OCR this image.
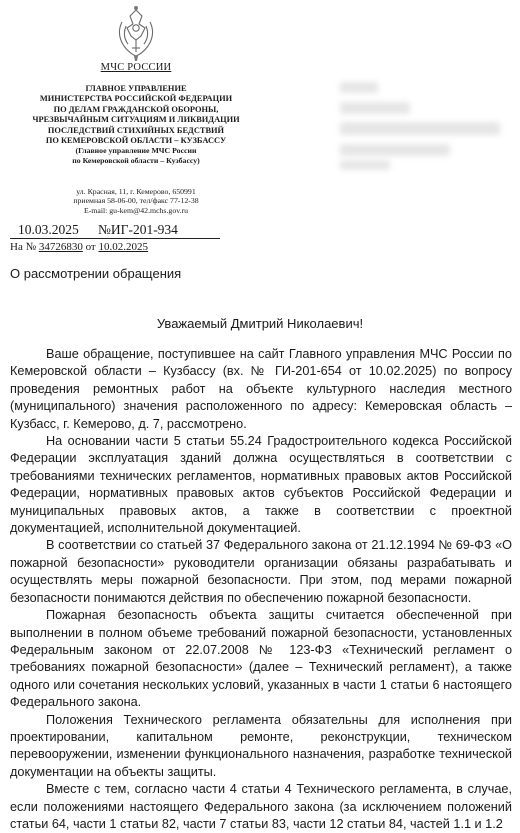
МЧС РОССИИ
ГЛАВНОЕ УПРАВЛЕНИЕ
МИНИСТЕРСТВА РОССИЙСКОЙ ФЕДЕРАЦИИ
ПО ДЕЛАМ ГРАЖДАНСКОЙ ОБОРОНЫ,
ЧРЕЗВЫЧАЙНЫМ СИТУАЦИЯМ И ЛИКВИДАЦИИ
ПОСЛЕДСТВИЙ СТИХИЙНЫХ БЕДСТВИЙ
ПО КЕМЕРОВСКОЙ ОБЛАСТИ – КУЗБАССУ
(Главное управление МЧС России
по Кемеровской области – Кузбассу)
ул. Красная, 11, г. Кемерово, 650991
приемная 58-06-00, тел/факс 77-12-38
E-mail: gu-kem@42.mchs.gov.ru
10.03.2025 №ИГ-201-934
На № 34726830 от 10.02.2025
О рассмотрении обращения
Уважаемый Дмитрий Николаевич!

Ваше обращение, поступившее на сайт Главного управления МЧС России по Кемеровской области – Кузбассу (вх. № ГИ-201-654 от 10.02.2025) по вопросу проведения ремонтных работ на объекте культурного наследия местного (муниципального) значения расположенного по адресу: Кемеровская область – Кузбасс, г. Кемерово, д. 7, рассмотрено.

На основании части 5 статьи 55.24 Градостроительного кодекса Российской Федерации эксплуатация зданий должна осуществляться в соответствии с требованиями технических регламентов, нормативных правовых актов Российской Федерации, нормативных правовых актов субъектов Российской Федерации и муниципальных правовых актов, а также в соответствии с проектной документацией, исполнительной документацией.

В соответствии со статьей 37 Федерального закона от 21.12.1994 № 69-ФЗ «О пожарной безопасности» руководители организации обязаны разрабатывать и осуществлять меры пожарной безопасности. При этом, под мерами пожарной безопасности понимаются действия по обеспечению пожарной безопасности.

Пожарная безопасность объекта защиты считается обеспеченной при выполнении в полном объеме требований пожарной безопасности, установленных Федеральным законом от 22.07.2008 № 123-ФЗ «Технический регламент о требованиях пожарной безопасности» (далее – Технический регламент), а также одного или сочетания нескольких условий, указанных в части 1 статьи 6 настоящего Федерального закона.

Положения Технического регламента обязательны для исполнения при проектировании, капитальном ремонте, реконструкции, техническом перевооружении, изменении функционального назначения, разработке технической документации на объекты защиты.

Вместе с тем, согласно части 4 статьи 4 Технического регламента, в случае, если положениями настоящего Федерального закона (за исключением положений статьи 64, части 1 статьи 82, части 7 статьи 83, части 12 статьи 84, частей 1.1 и 1.2
